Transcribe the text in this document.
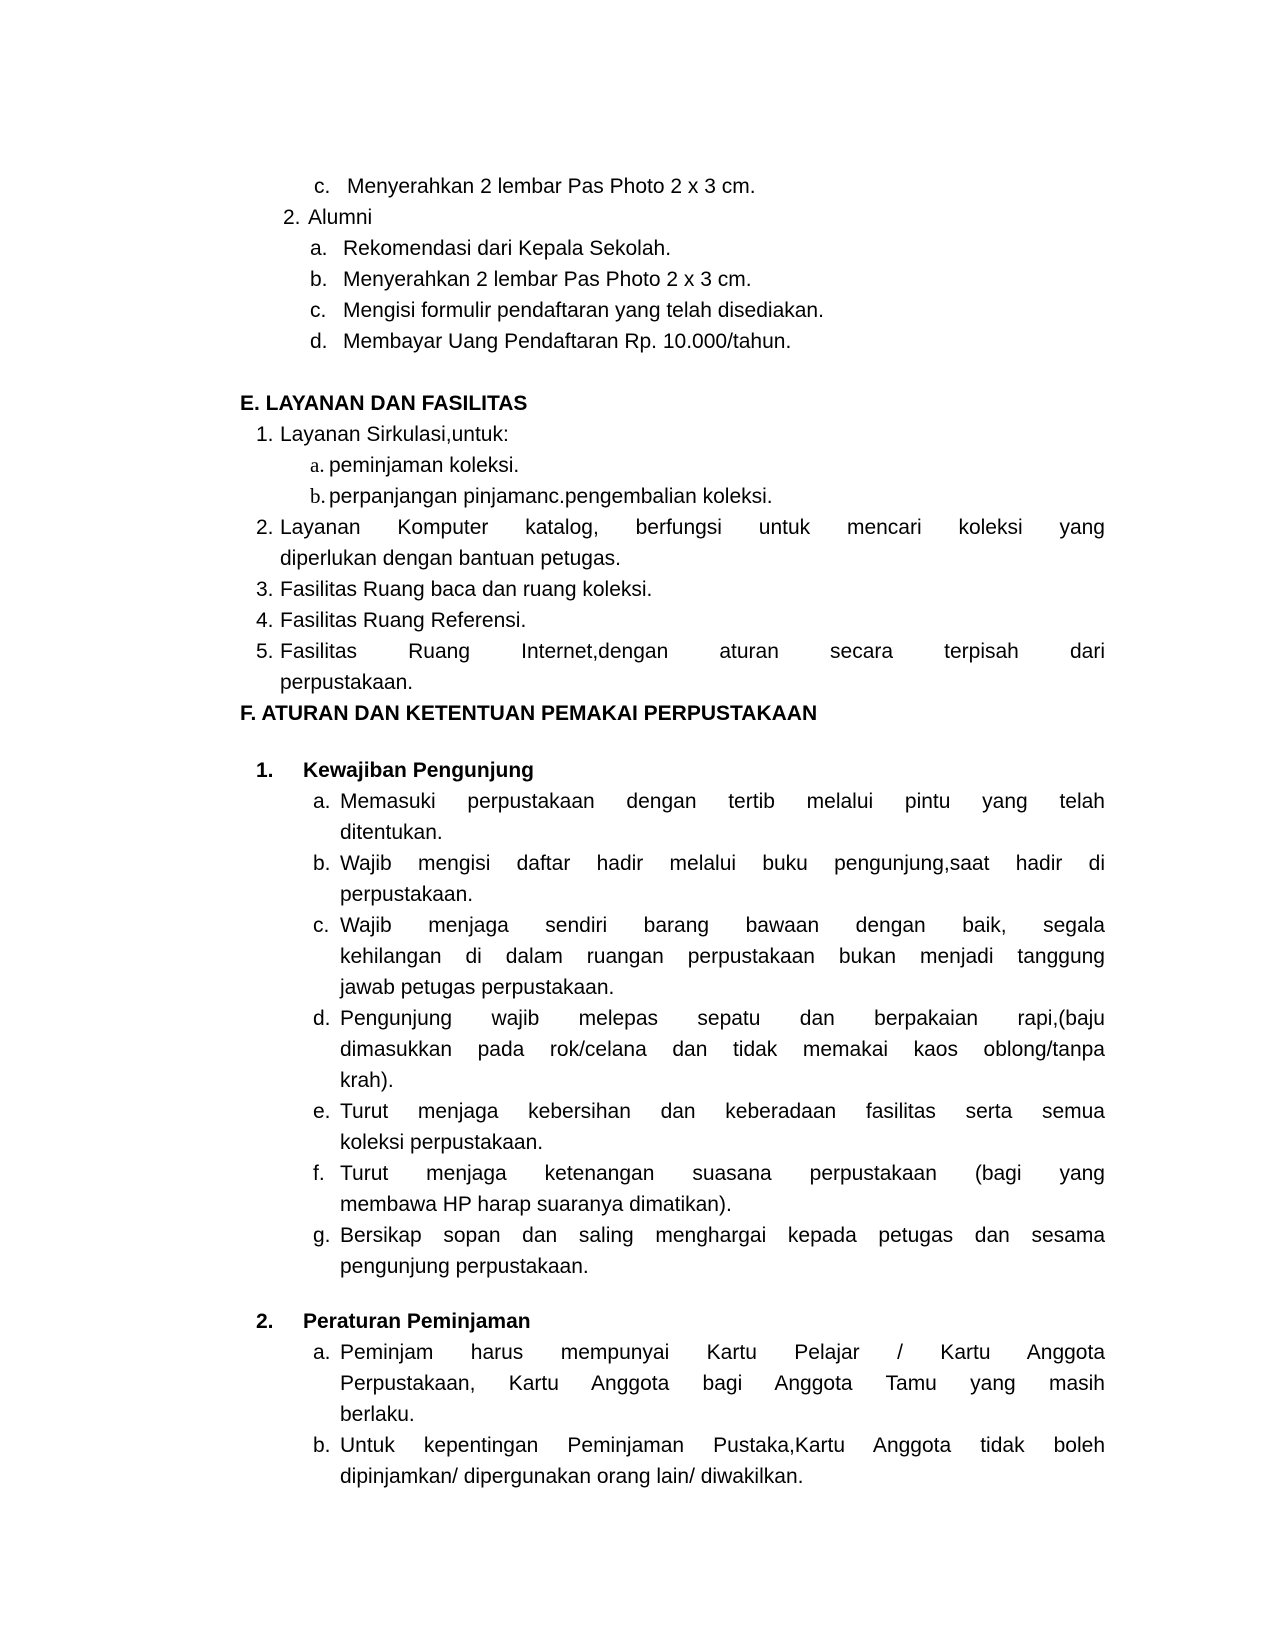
c. Menyerahkan 2 lembar Pas Photo 2 x 3 cm.
2. Alumni
a. Rekomendasi dari Kepala Sekolah.
b. Menyerahkan 2 lembar Pas Photo 2 x 3 cm.
c. Mengisi formulir pendaftaran yang telah disediakan.
d. Membayar Uang Pendaftaran Rp. 10.000/tahun.
E. LAYANAN DAN FASILITAS
1. Layanan Sirkulasi,untuk:
a. peminjaman koleksi.
b. perpanjangan pinjamanc.pengembalian koleksi.
2. Layanan Komputer katalog, berfungsi untuk mencari koleksi yang
diperlukan dengan bantuan petugas.
3. Fasilitas Ruang baca dan ruang koleksi.
4. Fasilitas Ruang Referensi.
5. Fasilitas Ruang Internet,dengan aturan secara terpisah dari
perpustakaan.
F. ATURAN DAN KETENTUAN PEMAKAI PERPUSTAKAAN
1. Kewajiban Pengunjung
a. Memasuki perpustakaan dengan tertib melalui pintu yang telah
ditentukan.
b. Wajib mengisi daftar hadir melalui buku pengunjung,saat hadir di
perpustakaan.
c. Wajib menjaga sendiri barang bawaan dengan baik, segala
kehilangan di dalam ruangan perpustakaan bukan menjadi tanggung
jawab petugas perpustakaan.
d. Pengunjung wajib melepas sepatu dan berpakaian rapi,(baju
dimasukkan pada rok/celana dan tidak memakai kaos oblong/tanpa
krah).
e. Turut menjaga kebersihan dan keberadaan fasilitas serta semua
koleksi perpustakaan.
f. Turut menjaga ketenangan suasana perpustakaan (bagi yang
membawa HP harap suaranya dimatikan).
g. Bersikap sopan dan saling menghargai kepada petugas dan sesama
pengunjung perpustakaan.
2. Peraturan Peminjaman
a. Peminjam harus mempunyai Kartu Pelajar / Kartu Anggota
Perpustakaan, Kartu Anggota bagi Anggota Tamu yang masih
berlaku.
b. Untuk kepentingan Peminjaman Pustaka,Kartu Anggota tidak boleh
dipinjamkan/ dipergunakan orang lain/ diwakilkan.
